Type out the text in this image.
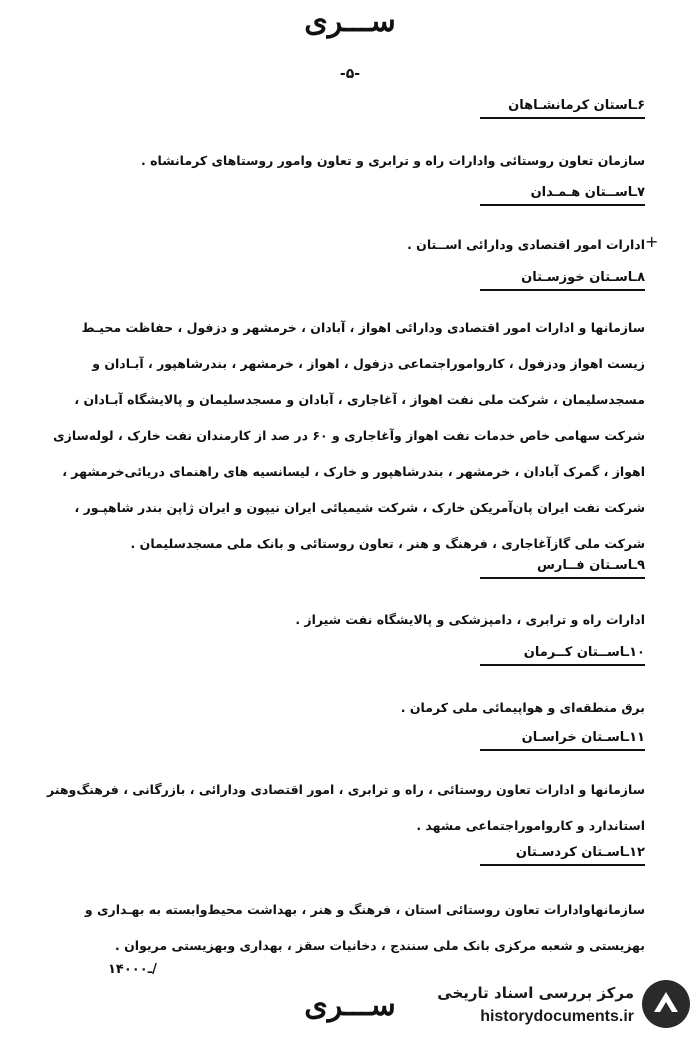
ســـری
-۵-
+
۶ـاستان کرمانشـاهان
سازمان تعاون روستائی وادارات راه و ترابری و تعاون وامور روستاهای کرمانشاه .
۷ـاســتان هـمـدان
ادارات امور اقتصادی ودارائی اســتان .
۸ـاسـتان خوزسـتان
سازمانها و ادارات امور اقتصادی ودارائی اهواز ، آبادان ، خرمشهر و دزفول ، حفاظت محیـط
زیست اهواز ودزفول ، کارواموراجتماعی دزفول ، اهواز ، خرمشهر ، بندرشاهپور ، آبـادان و
مسجدسلیمان ، شرکت ملی نفت اهواز ، آغاجاری ، آبادان و مسجدسلیمان و پالایشگاه آبـادان ،
شرکت سهامی خاص خدمات نفت اهواز وآغاجاری و ۶۰ در صد از کارمندان نفت خارک ، لوله‌سازی
اهواز ، گمرک آبادان ، خرمشهر ، بندرشاهپور و خارک ، لیسانسیه های راهنمای دریائی‌خرمشهر ،
شرکت نفت ایران پان‌آمریکن خارک ، شرکت شیمیائی ایران نیپون و ایران ژاپن بندر شاهپـور ،
شرکت ملی گازآغاجاری ، فرهنگ و هنر ، تعاون روستائی و بانک ملی مسجدسلیمان .
۹ـاسـتان فــارس
ادارات راه و ترابری ، دامپزشکی و پالایشگاه نفت شیراز .
۱۰ـاســتان کــرمان
برق منطقه‌ای و هواپیمائی ملی کرمان .
۱۱ـاسـتان خراسـان
سازمانها و ادارات تعاون روستائی ، راه و ترابری ، امور اقتصادی ودارائی ، بازرگانی ، فرهنگ‌وهنر
استاندارد و کارواموراجتماعی مشهد .
۱۲ـاسـتان کردسـتان
سازمانهاوادارات تعاون روستائی استان ، فرهنگ و هنر ، بهداشت محیط‌وابسته به بهـداری و
بهزیستی و شعبه مرکزی بانک ملی سنندج ، دخانیات سقز ، بهداری وبهزیستی مریوان .
۱۴ـ۰۰۰/
ســـری	مرکز بررسی اسناد تاریخی
historydocuments.ir
